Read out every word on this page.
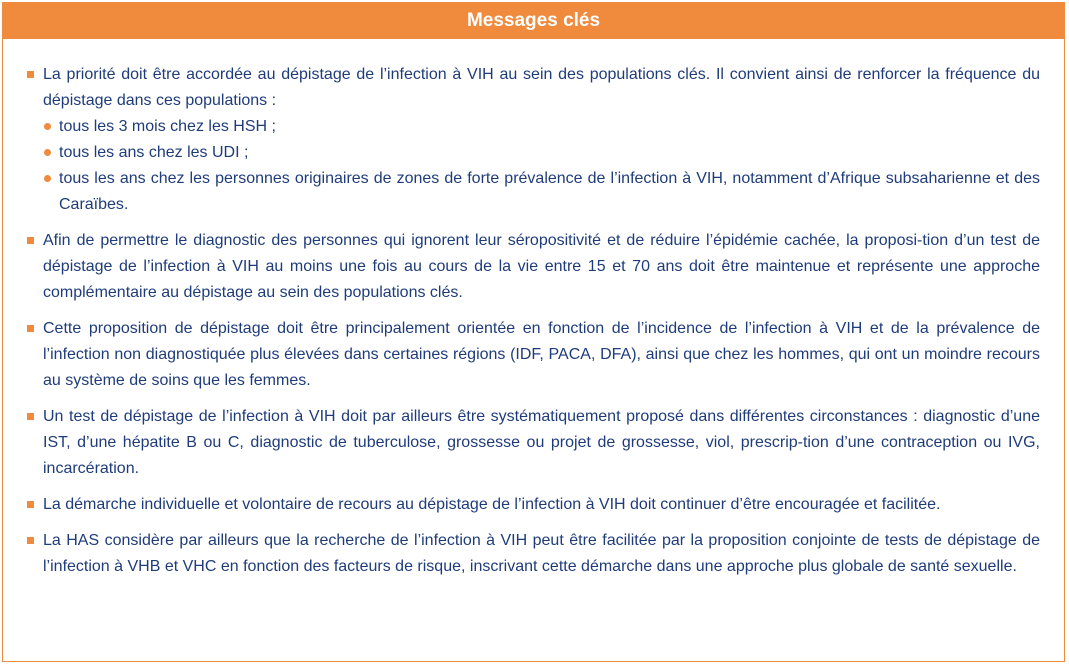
Messages clés
La priorité doit être accordée au dépistage de l’infection à VIH au sein des populations clés. Il convient ainsi de renforcer la fréquence du dépistage dans ces populations :
tous les 3 mois chez les HSH ;
tous les ans chez les UDI ;
tous les ans chez les personnes originaires de zones de forte prévalence de l’infection à VIH, notamment d’Afrique subsaharienne et des Caraïbes.
Afin de permettre le diagnostic des personnes qui ignorent leur séropositivité et de réduire l’épidémie cachée, la proposi-tion d’un test de dépistage de l’infection à VIH au moins une fois au cours de la vie entre 15 et 70 ans doit être maintenue et représente une approche complémentaire au dépistage au sein des populations clés.
Cette proposition de dépistage doit être principalement orientée en fonction de l’incidence de l’infection à VIH et de la prévalence de l’infection non diagnostiquée plus élevées dans certaines régions (IDF, PACA, DFA), ainsi que chez les hommes, qui ont un moindre recours au système de soins que les femmes.
Un test de dépistage de l’infection à VIH doit par ailleurs être systématiquement proposé dans différentes circonstances : diagnostic d’une IST, d’une hépatite B ou C, diagnostic de tuberculose, grossesse ou projet de grossesse, viol, prescrip-tion d’une contraception ou IVG, incarcération.
La démarche individuelle et volontaire de recours au dépistage de l’infection à VIH doit continuer d’être encouragée et facilitée.
La HAS considère par ailleurs que la recherche de l’infection à VIH peut être facilitée par la proposition conjointe de tests de dépistage de l’infection à VHB et VHC en fonction des facteurs de risque, inscrivant cette démarche dans une approche plus globale de santé sexuelle.
